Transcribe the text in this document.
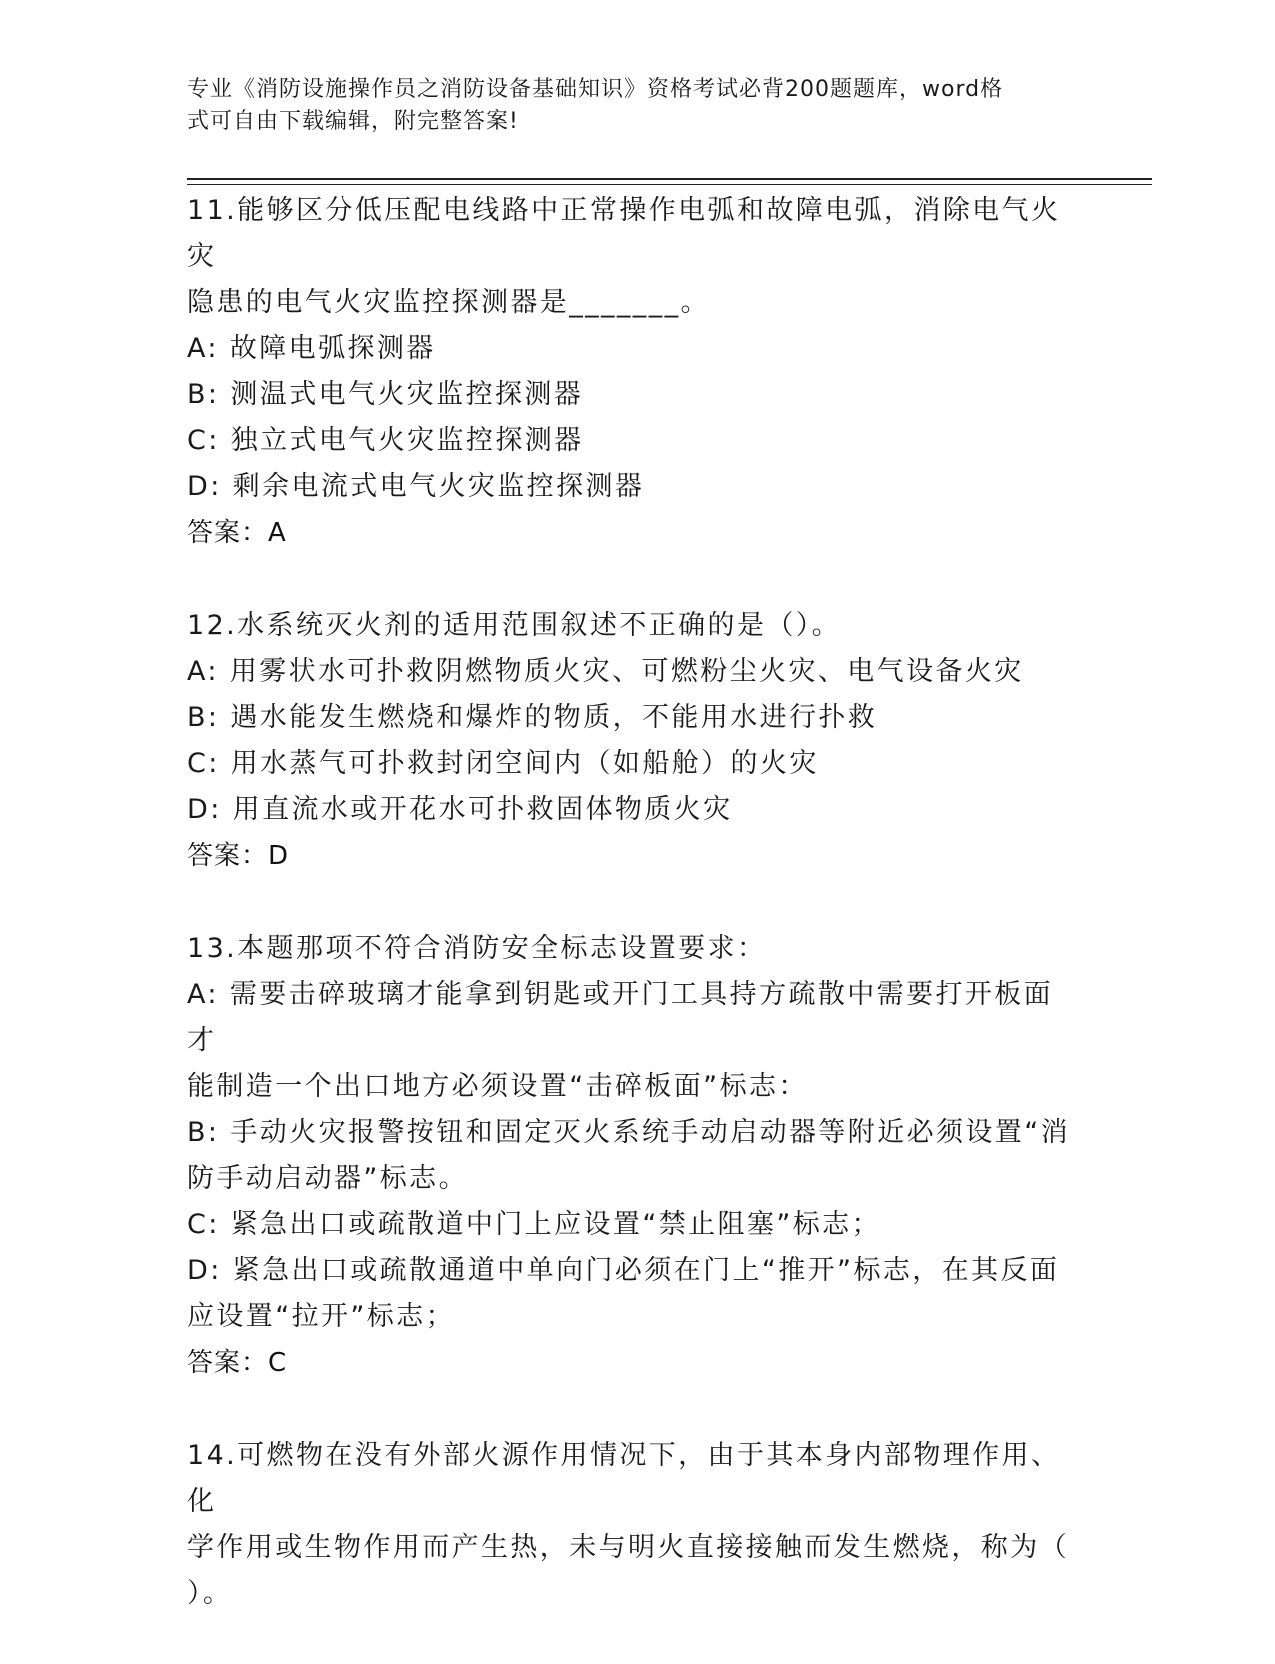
专业《消防设施操作员之消防设备基础知识》资格考试必背200题题库，word格
式可自由下载编辑，附完整答案!
11.能够区分低压配电线路中正常操作电弧和故障电弧，消除电气火灾
隐患的电气火灾监控探测器是_______。
A: 故障电弧探测器
B: 测温式电气火灾监控探测器
C: 独立式电气火灾监控探测器
D: 剩余电流式电气火灾监控探测器
答案：A
12.水系统灭火剂的适用范围叙述不正确的是（）。
A: 用雾状水可扑救阴燃物质火灾、可燃粉尘火灾、电气设备火灾
B: 遇水能发生燃烧和爆炸的物质，不能用水进行扑救
C: 用水蒸气可扑救封闭空间内（如船舱）的火灾
D: 用直流水或开花水可扑救固体物质火灾
答案：D
13.本题那项不符合消防安全标志设置要求：
A: 需要击碎玻璃才能拿到钥匙或开门工具持方疏散中需要打开板面才
能制造一个出口地方必须设置“击碎板面”标志：
B: 手动火灾报警按钮和固定灭火系统手动启动器等附近必须设置“消
防手动启动器”标志。
C: 紧急出口或疏散道中门上应设置“禁止阻塞”标志；
D: 紧急出口或疏散通道中单向门必须在门上“推开”标志，在其反面
应设置“拉开”标志；
答案：C
14.可燃物在没有外部火源作用情况下，由于其本身内部物理作用、化
学作用或生物作用而产生热，未与明火直接接触而发生燃烧，称为（
）。
